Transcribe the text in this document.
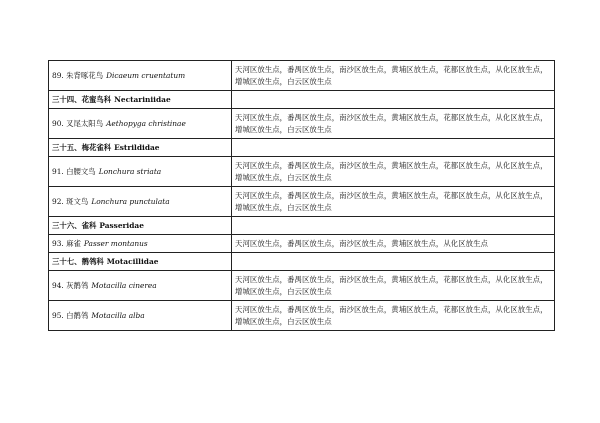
89. 朱背啄花鸟 Dicaeum cruentatum	天河区放生点，番禺区放生点，南沙区放生点，黄埔区放生点，花都区放生点，从化区放生点，增城区放生点，白云区放生点
三十四、花蜜鸟科 Nectariniidae	
90. 叉尾太阳鸟 Aethopyga christinae	天河区放生点，番禺区放生点，南沙区放生点，黄埔区放生点，花都区放生点，从化区放生点，增城区放生点，白云区放生点
三十五、梅花雀科 Estrildidae	
91. 白腰文鸟 Lonchura striata	天河区放生点，番禺区放生点，南沙区放生点，黄埔区放生点，花都区放生点，从化区放生点，增城区放生点，白云区放生点
92. 斑文鸟 Lonchura punctulata	天河区放生点，番禺区放生点，南沙区放生点，黄埔区放生点，花都区放生点，从化区放生点，增城区放生点，白云区放生点
三十六、雀科 Passeridae	
93. 麻雀 Passer montanus	天河区放生点，番禺区放生点，南沙区放生点，黄埔区放生点，从化区放生点
三十七、鹡鸰科 Motacillidae	
94. 灰鹡鸰 Motacilla cinerea	天河区放生点，番禺区放生点，南沙区放生点，黄埔区放生点，花都区放生点，从化区放生点，增城区放生点，白云区放生点
95. 白鹡鸰 Motacilla alba	天河区放生点，番禺区放生点，南沙区放生点，黄埔区放生点，花都区放生点，从化区放生点，增城区放生点，白云区放生点
